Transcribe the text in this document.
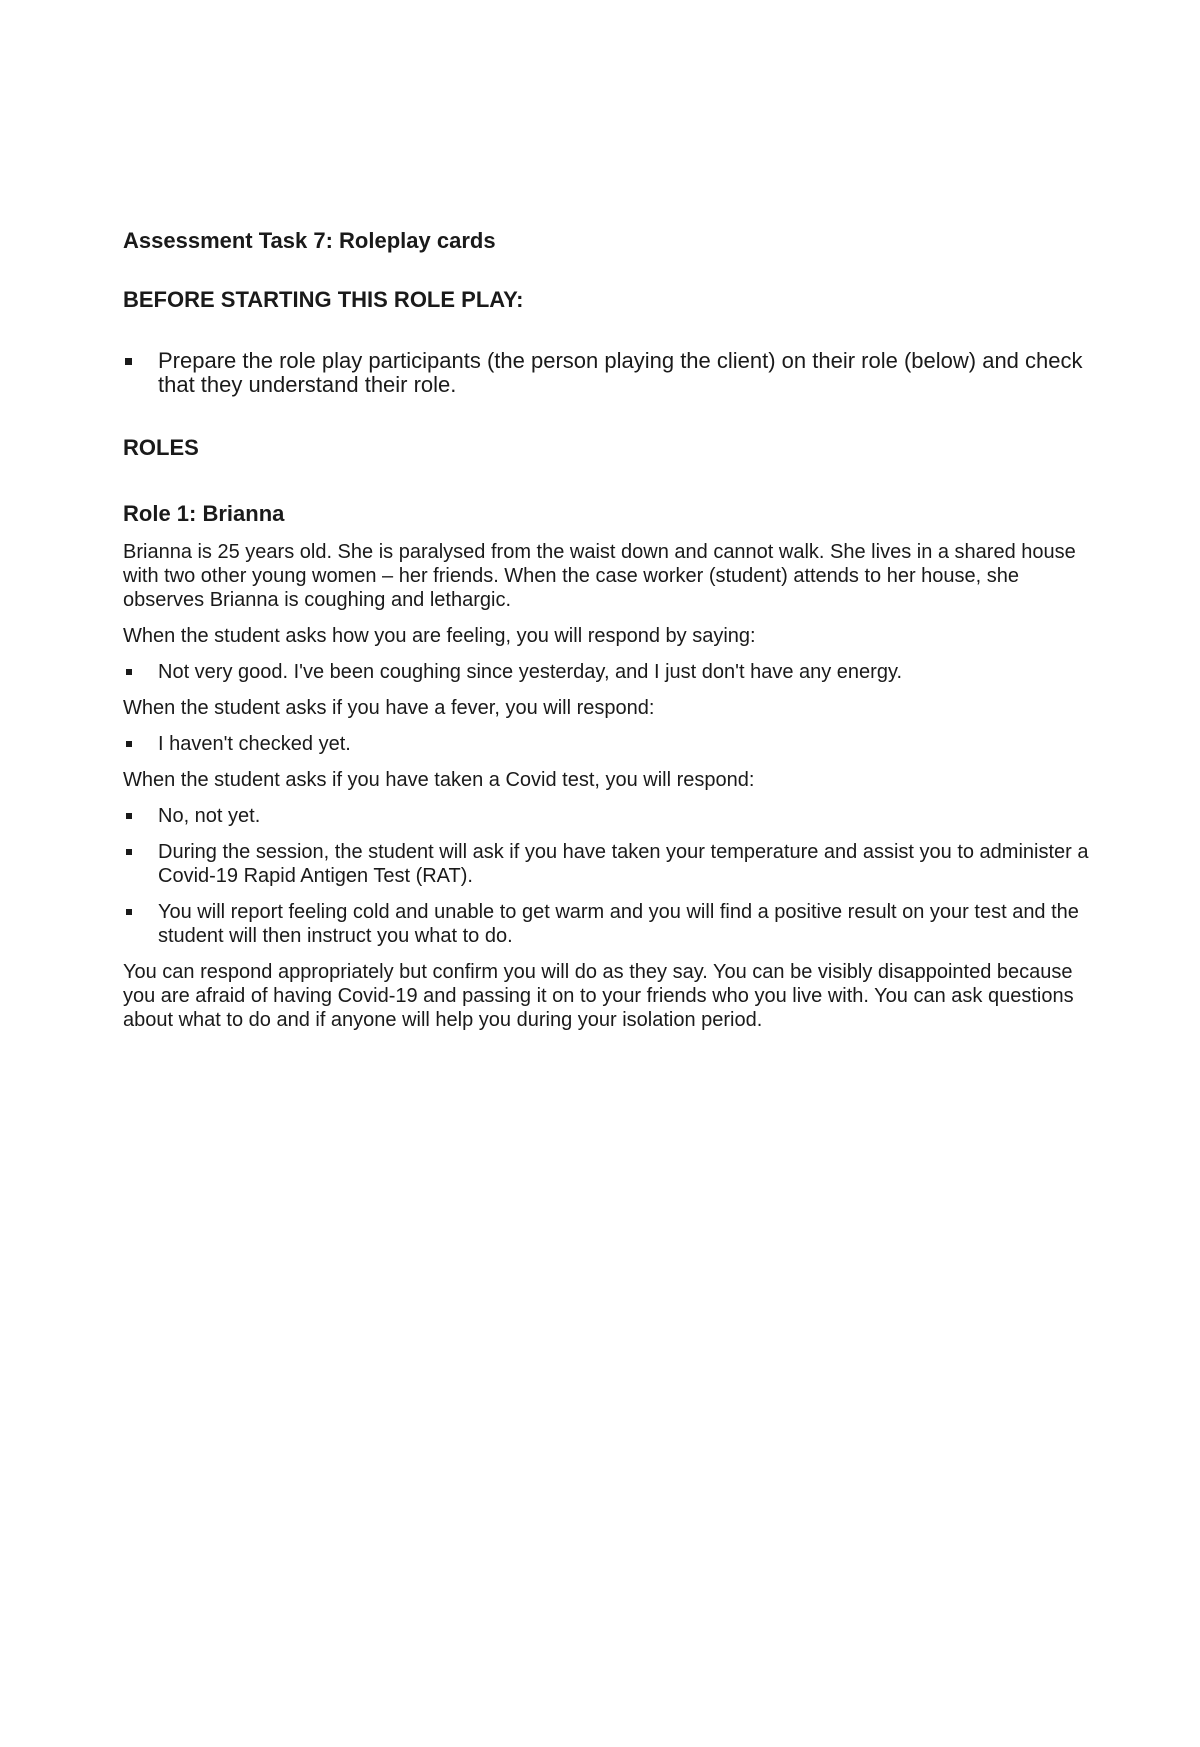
Assessment Task 7: Roleplay cards
BEFORE STARTING THIS ROLE PLAY:
Prepare the role play participants (the person playing the client) on their role (below) and check that they understand their role.
ROLES
Role 1: Brianna

Brianna is 25 years old. She is paralysed from the waist down and cannot walk. She lives in a shared house with two other young women – her friends. When the case worker (student) attends to her house, she observes Brianna is coughing and lethargic.

When the student asks how you are feeling, you will respond by saying:

Not very good. I've been coughing since yesterday, and I just don't have any energy.

When the student asks if you have a fever, you will respond:

I haven't checked yet.

When the student asks if you have taken a Covid test, you will respond:

No, not yet.
During the session, the student will ask if you have taken your temperature and assist you to administer a Covid-19 Rapid Antigen Test (RAT).
You will report feeling cold and unable to get warm and you will find a positive result on your test and the student will then instruct you what to do.

You can respond appropriately but confirm you will do as they say. You can be visibly disappointed because you are afraid of having Covid-19 and passing it on to your friends who you live with. You can ask questions about what to do and if anyone will help you during your isolation period.
